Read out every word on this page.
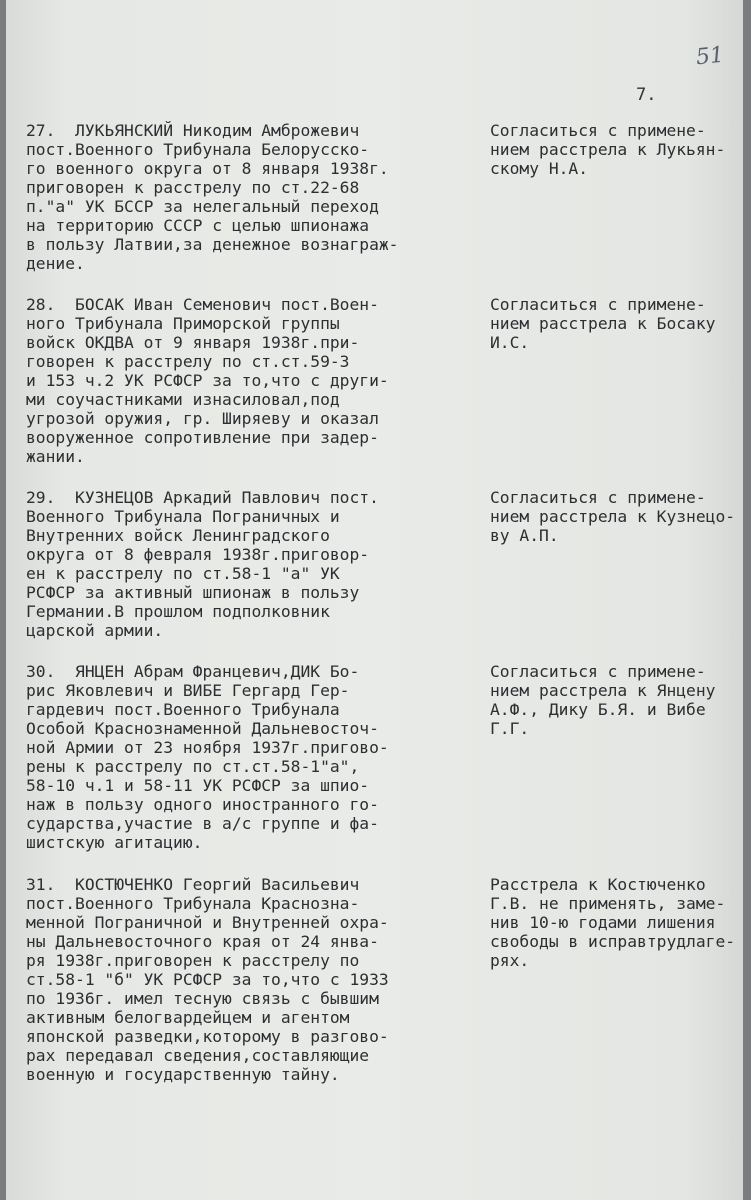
51
7.
27.  ЛУКЬЯНСКИЙ Никодим Амброжевич
пост.Военного Трибунала Белорусско-
го военного округа от 8 января 1938г.
приговорен к расстрелу по ст.22-68
п."а" УК БССР за нелегальный переход
на территорию СССР с целью шпионажа
в пользу Латвии,за денежное вознаграж-
дение.
Согласиться с примене-
нием расстрела к Лукьян-
скому Н.А.
28.  БОСАК Иван Семенович пост.Воен-
ного Трибунала Приморской группы
войск ОКДВА от 9 января 1938г.при-
говорен к расстрелу по ст.ст.59-3
и 153 ч.2 УК РСФСР за то,что с други-
ми соучастниками изнасиловал,под
угрозой оружия, гр. Ширяеву и оказал
вооруженное сопротивление при задер-
жании.
Согласиться с примене-
нием расстрела к Босаку
И.С.
29.  КУЗНЕЦОВ Аркадий Павлович пост.
Военного Трибунала Пограничных и
Внутренних войск Ленинградского
округа от 8 февраля 1938г.приговор-
ен к расстрелу по ст.58-1 "а" УК
РСФСР за активный шпионаж в пользу
Германии.В прошлом подполковник
царской армии.
Согласиться с примене-
нием расстрела к Кузнецо-
ву А.П.
30.  ЯНЦЕН Абрам Францевич,ДИК Бо-
рис Яковлевич и ВИБЕ Гергард Гер-
гардевич пост.Военного Трибунала
Особой Краснознаменной Дальневосточ-
ной Армии от 23 ноября 1937г.пригово-
рены к расстрелу по ст.ст.58-1"а",
58-10 ч.1 и 58-11 УК РСФСР за шпио-
наж в пользу одного иностранного го-
сударства,участие в а/с группе и фа-
шистскую агитацию.
Согласиться с примене-
нием расстрела к Янцену
А.Ф., Дику Б.Я. и Вибе
Г.Г.
31.  КОСТЮЧЕНКО Георгий Васильевич
пост.Военного Трибунала Краснозна-
менной Пограничной и Внутренней охра-
ны Дальневосточного края от 24 янва-
ря 1938г.приговорен к расстрелу по
ст.58-1 "б" УК РСФСР за то,что с 1933
по 1936г. имел тесную связь с бывшим
активным белогвардейцем и агентом
японской разведки,которому в разгово-
рах передавал сведения,составляющие
военную и государственную тайну.
Расстрела к Костюченко
Г.В. не применять, заме-
нив 10-ю годами лишения
свободы в исправтрудлаге-
рях.
